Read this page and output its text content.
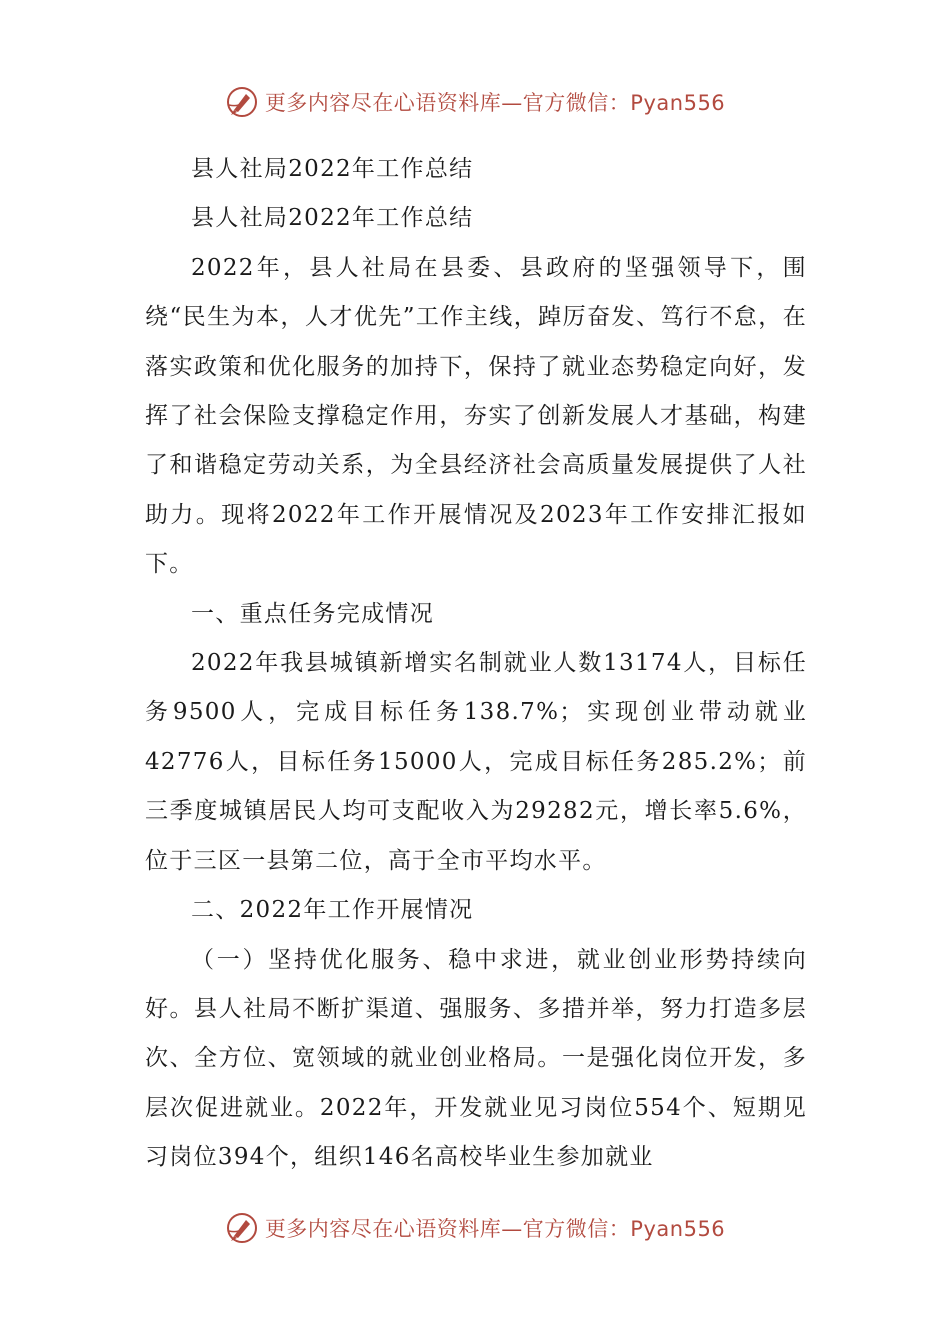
更多内容尽在心语资料库—官方微信：Pyan556

县人社局2022年工作总结

县人社局2022年工作总结

2022年，县人社局在县委、县政府的坚强领导下，围绕“民生为本，人才优先”工作主线，踔厉奋发、笃行不怠，在落实政策和优化服务的加持下，保持了就业态势稳定向好，发挥了社会保险支撑稳定作用，夯实了创新发展人才基础，构建了和谐稳定劳动关系，为全县经济社会高质量发展提供了人社助力。现将2022年工作开展情况及2023年工作安排汇报如下。

一、重点任务完成情况

2022年我县城镇新增实名制就业人数13174人，目标任务9500人，完成目标任务138.7%；实现创业带动就业42776人，目标任务15000人，完成目标任务285.2%；前三季度城镇居民人均可支配收入为29282元，增长率5.6%，位于三区一县第二位，高于全市平均水平。

二、2022年工作开展情况

（一）坚持优化服务、稳中求进，就业创业形势持续向好。县人社局不断扩渠道、强服务、多措并举，努力打造多层次、全方位、宽领域的就业创业格局。一是强化岗位开发，多层次促进就业。2022年，开发就业见习岗位554个、短期见习岗位394个，组织146名高校毕业生参加就业

更多内容尽在心语资料库—官方微信：Pyan556
